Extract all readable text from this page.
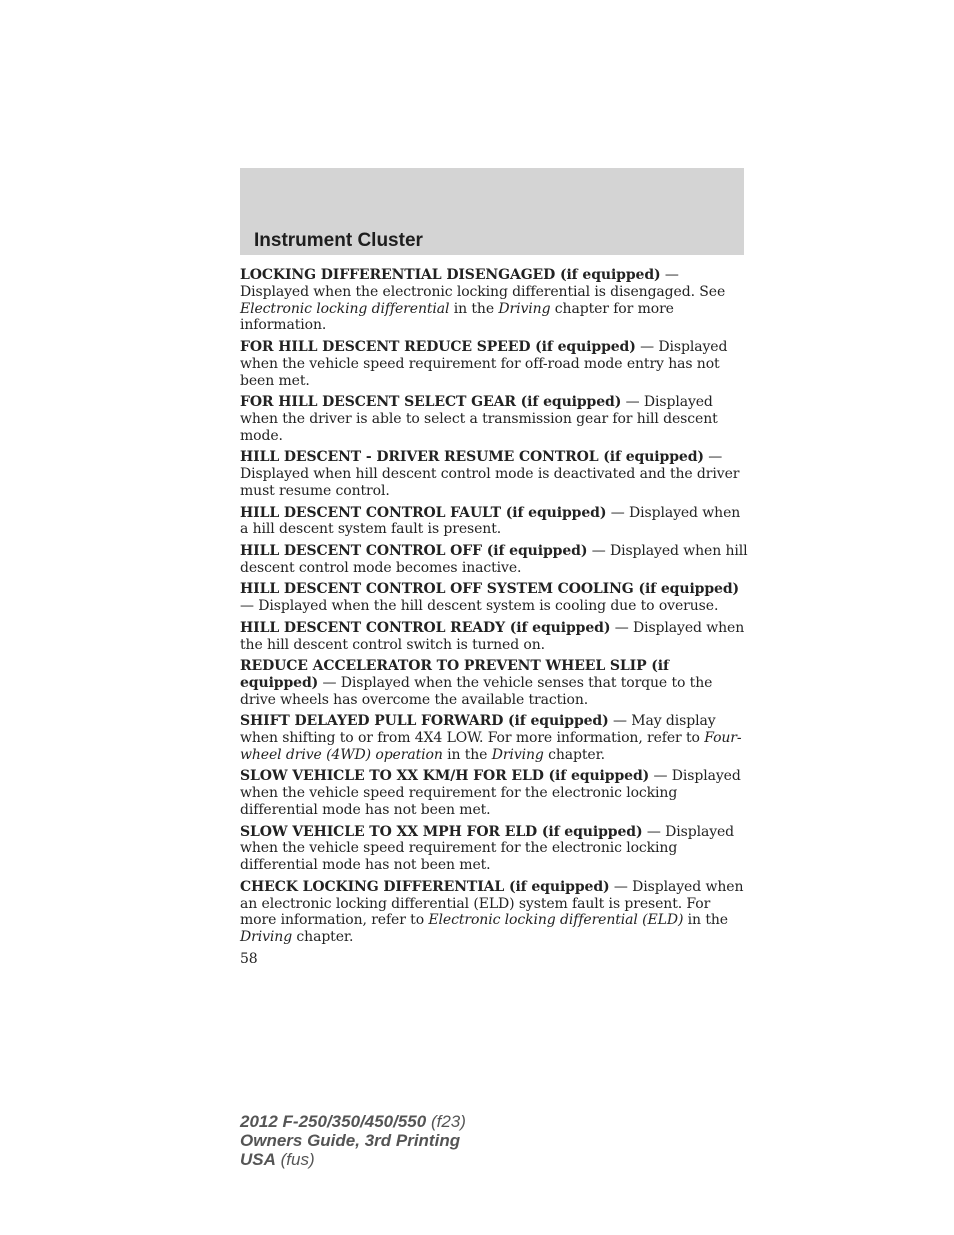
Instrument Cluster

LOCKING DIFFERENTIAL DISENGAGED (if equipped) — Displayed when the electronic locking differential is disengaged. See Electronic locking differential in the Driving chapter for more information.

FOR HILL DESCENT REDUCE SPEED (if equipped) — Displayed when the vehicle speed requirement for off-road mode entry has not been met.

FOR HILL DESCENT SELECT GEAR (if equipped) — Displayed when the driver is able to select a transmission gear for hill descent mode.

HILL DESCENT - DRIVER RESUME CONTROL (if equipped) — Displayed when hill descent control mode is deactivated and the driver must resume control.

HILL DESCENT CONTROL FAULT (if equipped) — Displayed when a hill descent system fault is present.

HILL DESCENT CONTROL OFF (if equipped) — Displayed when hill descent control mode becomes inactive.

HILL DESCENT CONTROL OFF SYSTEM COOLING (if equipped) — Displayed when the hill descent system is cooling due to overuse.

HILL DESCENT CONTROL READY (if equipped) — Displayed when the hill descent control switch is turned on.

REDUCE ACCELERATOR TO PREVENT WHEEL SLIP (if equipped) — Displayed when the vehicle senses that torque to the drive wheels has overcome the available traction.

SHIFT DELAYED PULL FORWARD (if equipped) — May display when shifting to or from 4X4 LOW. For more information, refer to Four-wheel drive (4WD) operation in the Driving chapter.

SLOW VEHICLE TO XX KM/H FOR ELD (if equipped) — Displayed when the vehicle speed requirement for the electronic locking differential mode has not been met.

SLOW VEHICLE TO XX MPH FOR ELD (if equipped) — Displayed when the vehicle speed requirement for the electronic locking differential mode has not been met.

CHECK LOCKING DIFFERENTIAL (if equipped) — Displayed when an electronic locking differential (ELD) system fault is present. For more information, refer to Electronic locking differential (ELD) in the Driving chapter.

58
2012 F-250/350/450/550 (f23)
Owners Guide, 3rd Printing
USA (fus)
